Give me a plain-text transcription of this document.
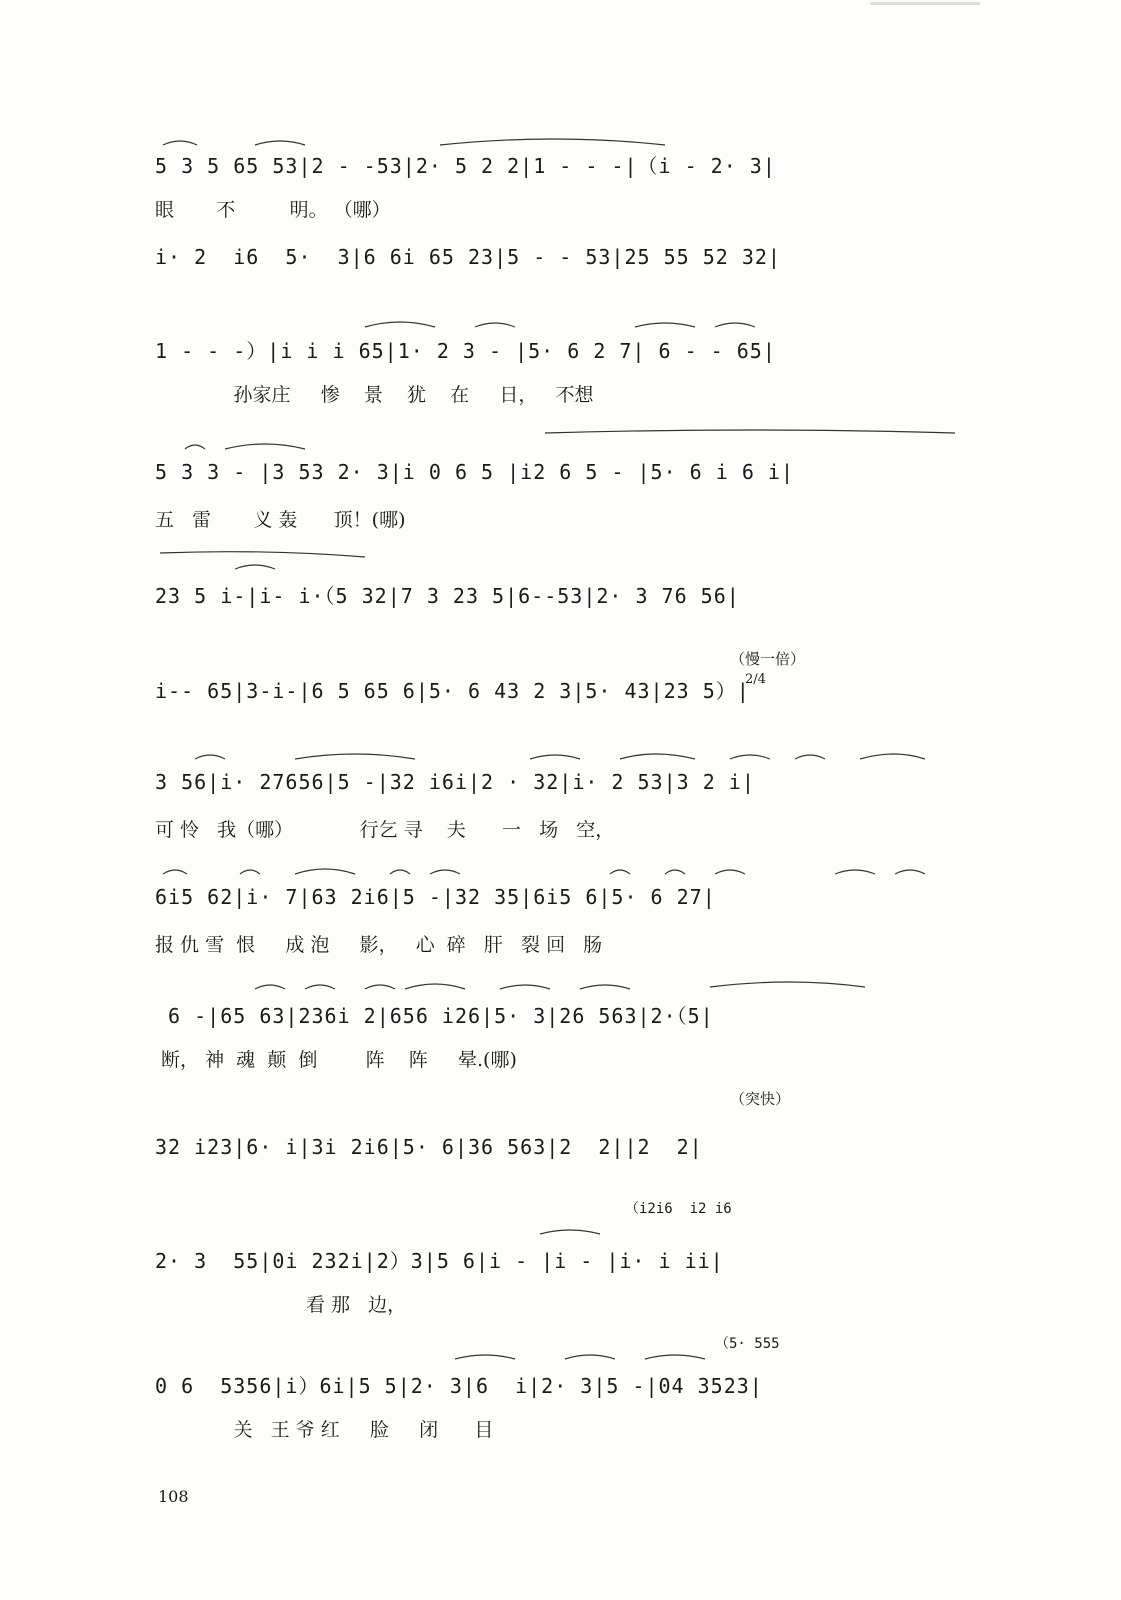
5 3 5 65 53|2 - -53|2· 5 2 2|1 - - -|（i - 2· 3|
眼       不         明。 （哪）
i· 2  i6  5·  3|6 6i 65 23|5 - - 53|25 55 52 32|
1 - - -）|i i i 65|1· 2 3 - |5· 6 2 7| 6 - - 65|
孙家庄     惨    景    犹    在     日，   不想
5 3 3 - |3 53 2· 3|i 0 6 5 |i2 6 5 - |5· 6 i 6 i|
五   雷       义 轰      顶！(哪)
23 5 i-|i- i·（5 32|7 3 23 5|6--53|2· 3 76 56|
（慢一倍）
2/4
i-- 65|3-i-|6 5 65 6|5· 6 43 2 3|5· 43|23 5）|
3 56|i· 27656|5 -|32 i6i|2 · 32|i· 2 53|3 2 i|
可 怜   我（哪）           行乞 寻    夫      一   场   空，
6i5 62|i· 7|63 2i6|5 -|32 35|6i5 6|5· 6 27|
报 仇 雪  恨     成 泡     影，   心  碎   肝   裂 回   肠
6 -|65 63|236i 2|656 i26|5· 3|26 563|2·（5|
断， 神  魂  颠  倒        阵    阵     晕.(哪)
（突快）
32 i23|6· i|3i 2i6|5· 6|36 563|2  2||2  2|
（i2i6  i2 i6
2· 3  55|0i 232i|2）3|5 6|i - |i - |i· i ii|
看 那   边，
（5· 555
0 6  5356|i）6i|5 5|2· 3|6  i|2· 3|5 -|04 3523|
关   王 爷 红     脸     闭      目
108
